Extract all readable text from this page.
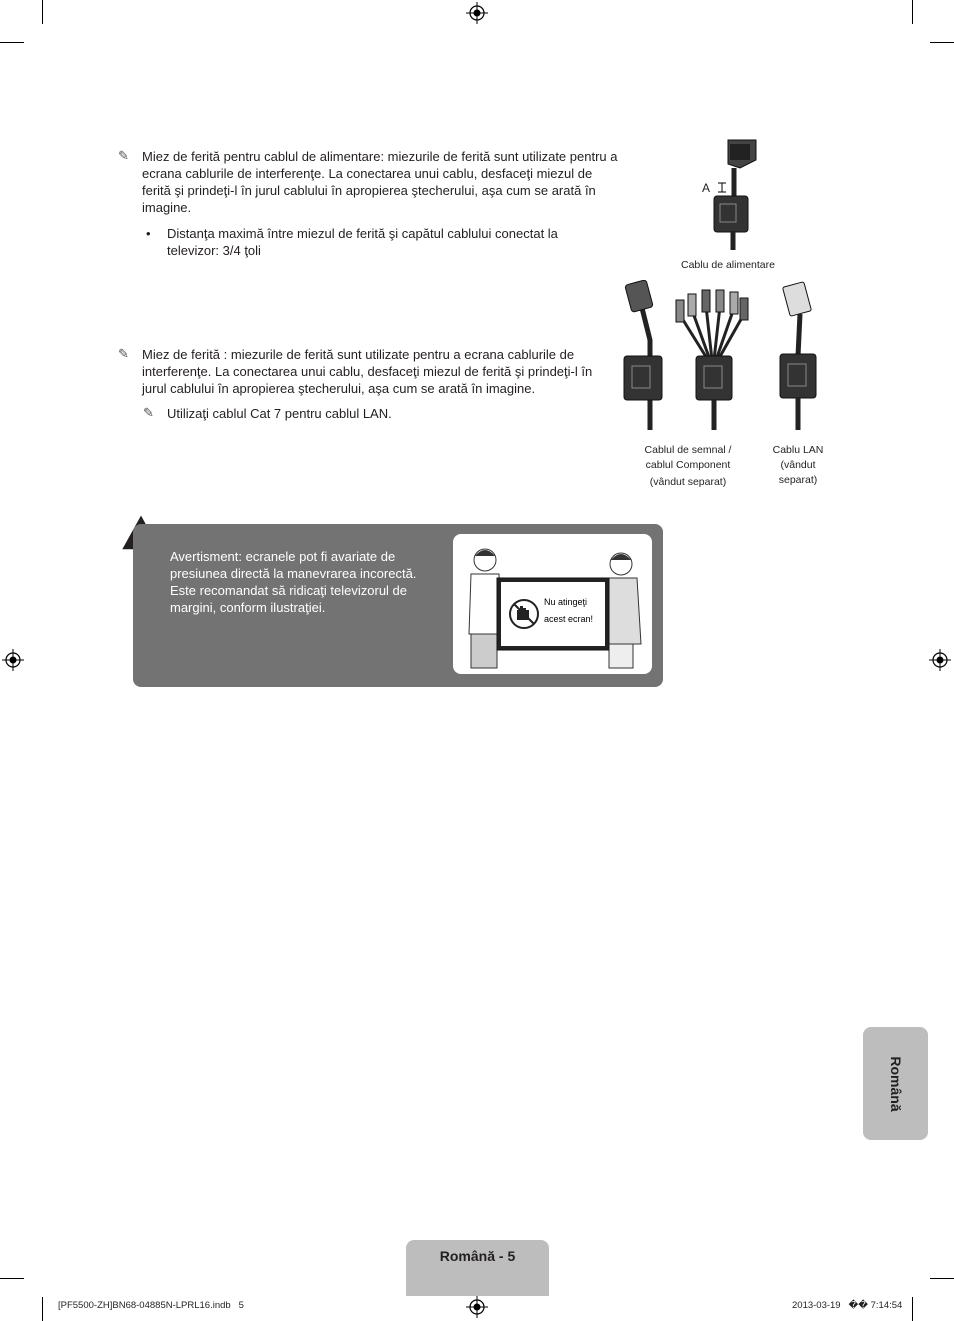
✎ Miez de ferită pentru cablul de alimentare: miezurile de ferită sunt utilizate pentru a ecrana cablurile de interferenţe. La conectarea unui cablu, desfaceţi miezul de ferită şi prindeţi-l în jurul cablului în apropierea ştecherului, aşa cum se arată în imagine.
• Distanţa maximă între miezul de ferită şi capătul cablului conectat la televizor: 3/4 ţoli
✎ Miez de ferită : miezurile de ferită sunt utilizate pentru a ecrana cablurile de interferenţe. La conectarea unui cablu, desfaceţi miezul de ferită şi prindeţi-l în jurul cablului în apropierea ştecherului, aşa cum se arată în imagine.
✎ Utilizaţi cablul Cat 7 pentru cablul LAN.
A
Cablu de alimentare
Cablul de semnal /
cablul Component
(vândut separat)
Cablu LAN
(vândut
separat)
Avertisment: ecranele pot fi avariate de presiunea directă la manevrarea incorectă. Este recomandat să ridicaţi televizorul de margini, conform ilustraţiei.	Nu atingeţi
acest ecran!
Română
Română - 5
[PF5500-ZH]BN68-04885N-LPRL16.indb   5	2013-03-19   �� 7:14:54
